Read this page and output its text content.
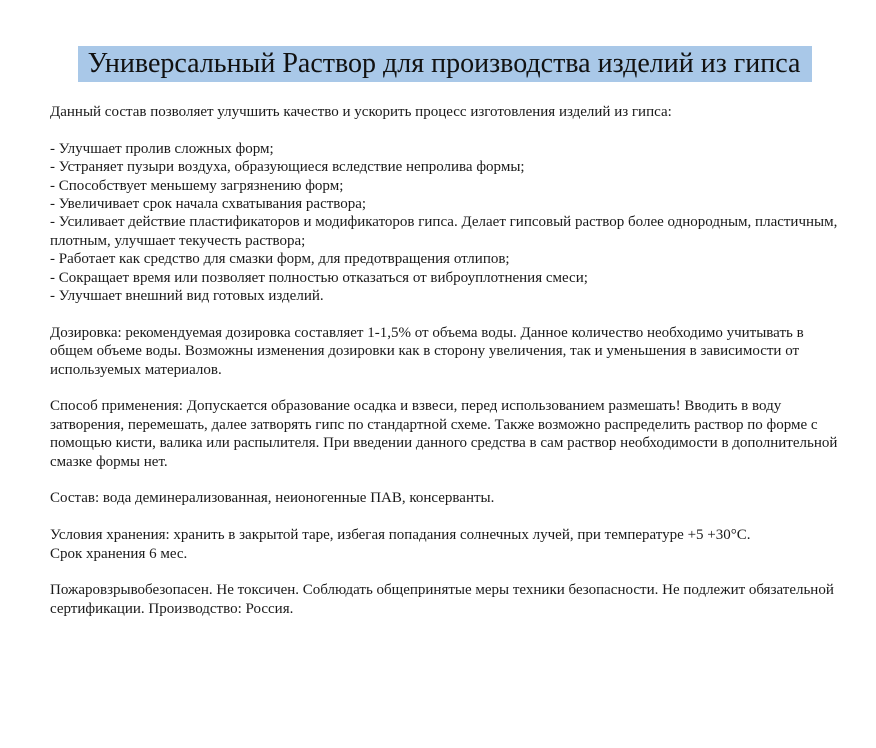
Универсальный Раствор для производства изделий из гипса

Данный состав позволяет улучшить качество и ускорить процесс изготовления изделий из гипса:

- Улучшает пролив сложных форм;
- Устраняет пузыри воздуха, образующиеся вследствие непролива формы;
- Способствует меньшему загрязнению форм;
- Увеличивает срок начала схватывания раствора;
- Усиливает действие пластификаторов и модификаторов гипса. Делает гипсовый раствор более однородным, пластичным, плотным, улучшает текучесть раствора;
- Работает как средство для смазки форм, для предотвращения отлипов;
- Сокращает время или позволяет полностью отказаться от виброуплотнения смеси;
- Улучшает внешний вид готовых изделий.

Дозировка: рекомендуемая дозировка составляет 1-1,5% от объема воды. Данное количество необходимо учитывать в общем объеме воды. Возможны изменения дозировки как в сторону увеличения, так и уменьшения в зависимости от используемых материалов.

Способ применения: Допускается образование осадка и взвеси, перед использованием размешать! Вводить в воду затворения, перемешать, далее затворять гипс по стандартной схеме. Также возможно распределить раствор по форме с помощью кисти, валика или распылителя. При введении данного средства в сам раствор необходимости в дополнительной смазке формы нет.

Состав: вода деминерализованная, неионогенные ПАВ, консерванты.

Условия хранения: хранить в закрытой таре, избегая попадания солнечных лучей, при температуре +5 +30°С.
Срок хранения 6 мес.

Пожаровзрывобезопасен. Не токсичен. Соблюдать общепринятые меры техники безопасности. Не подлежит обязательной сертификации. Производство: Россия.
